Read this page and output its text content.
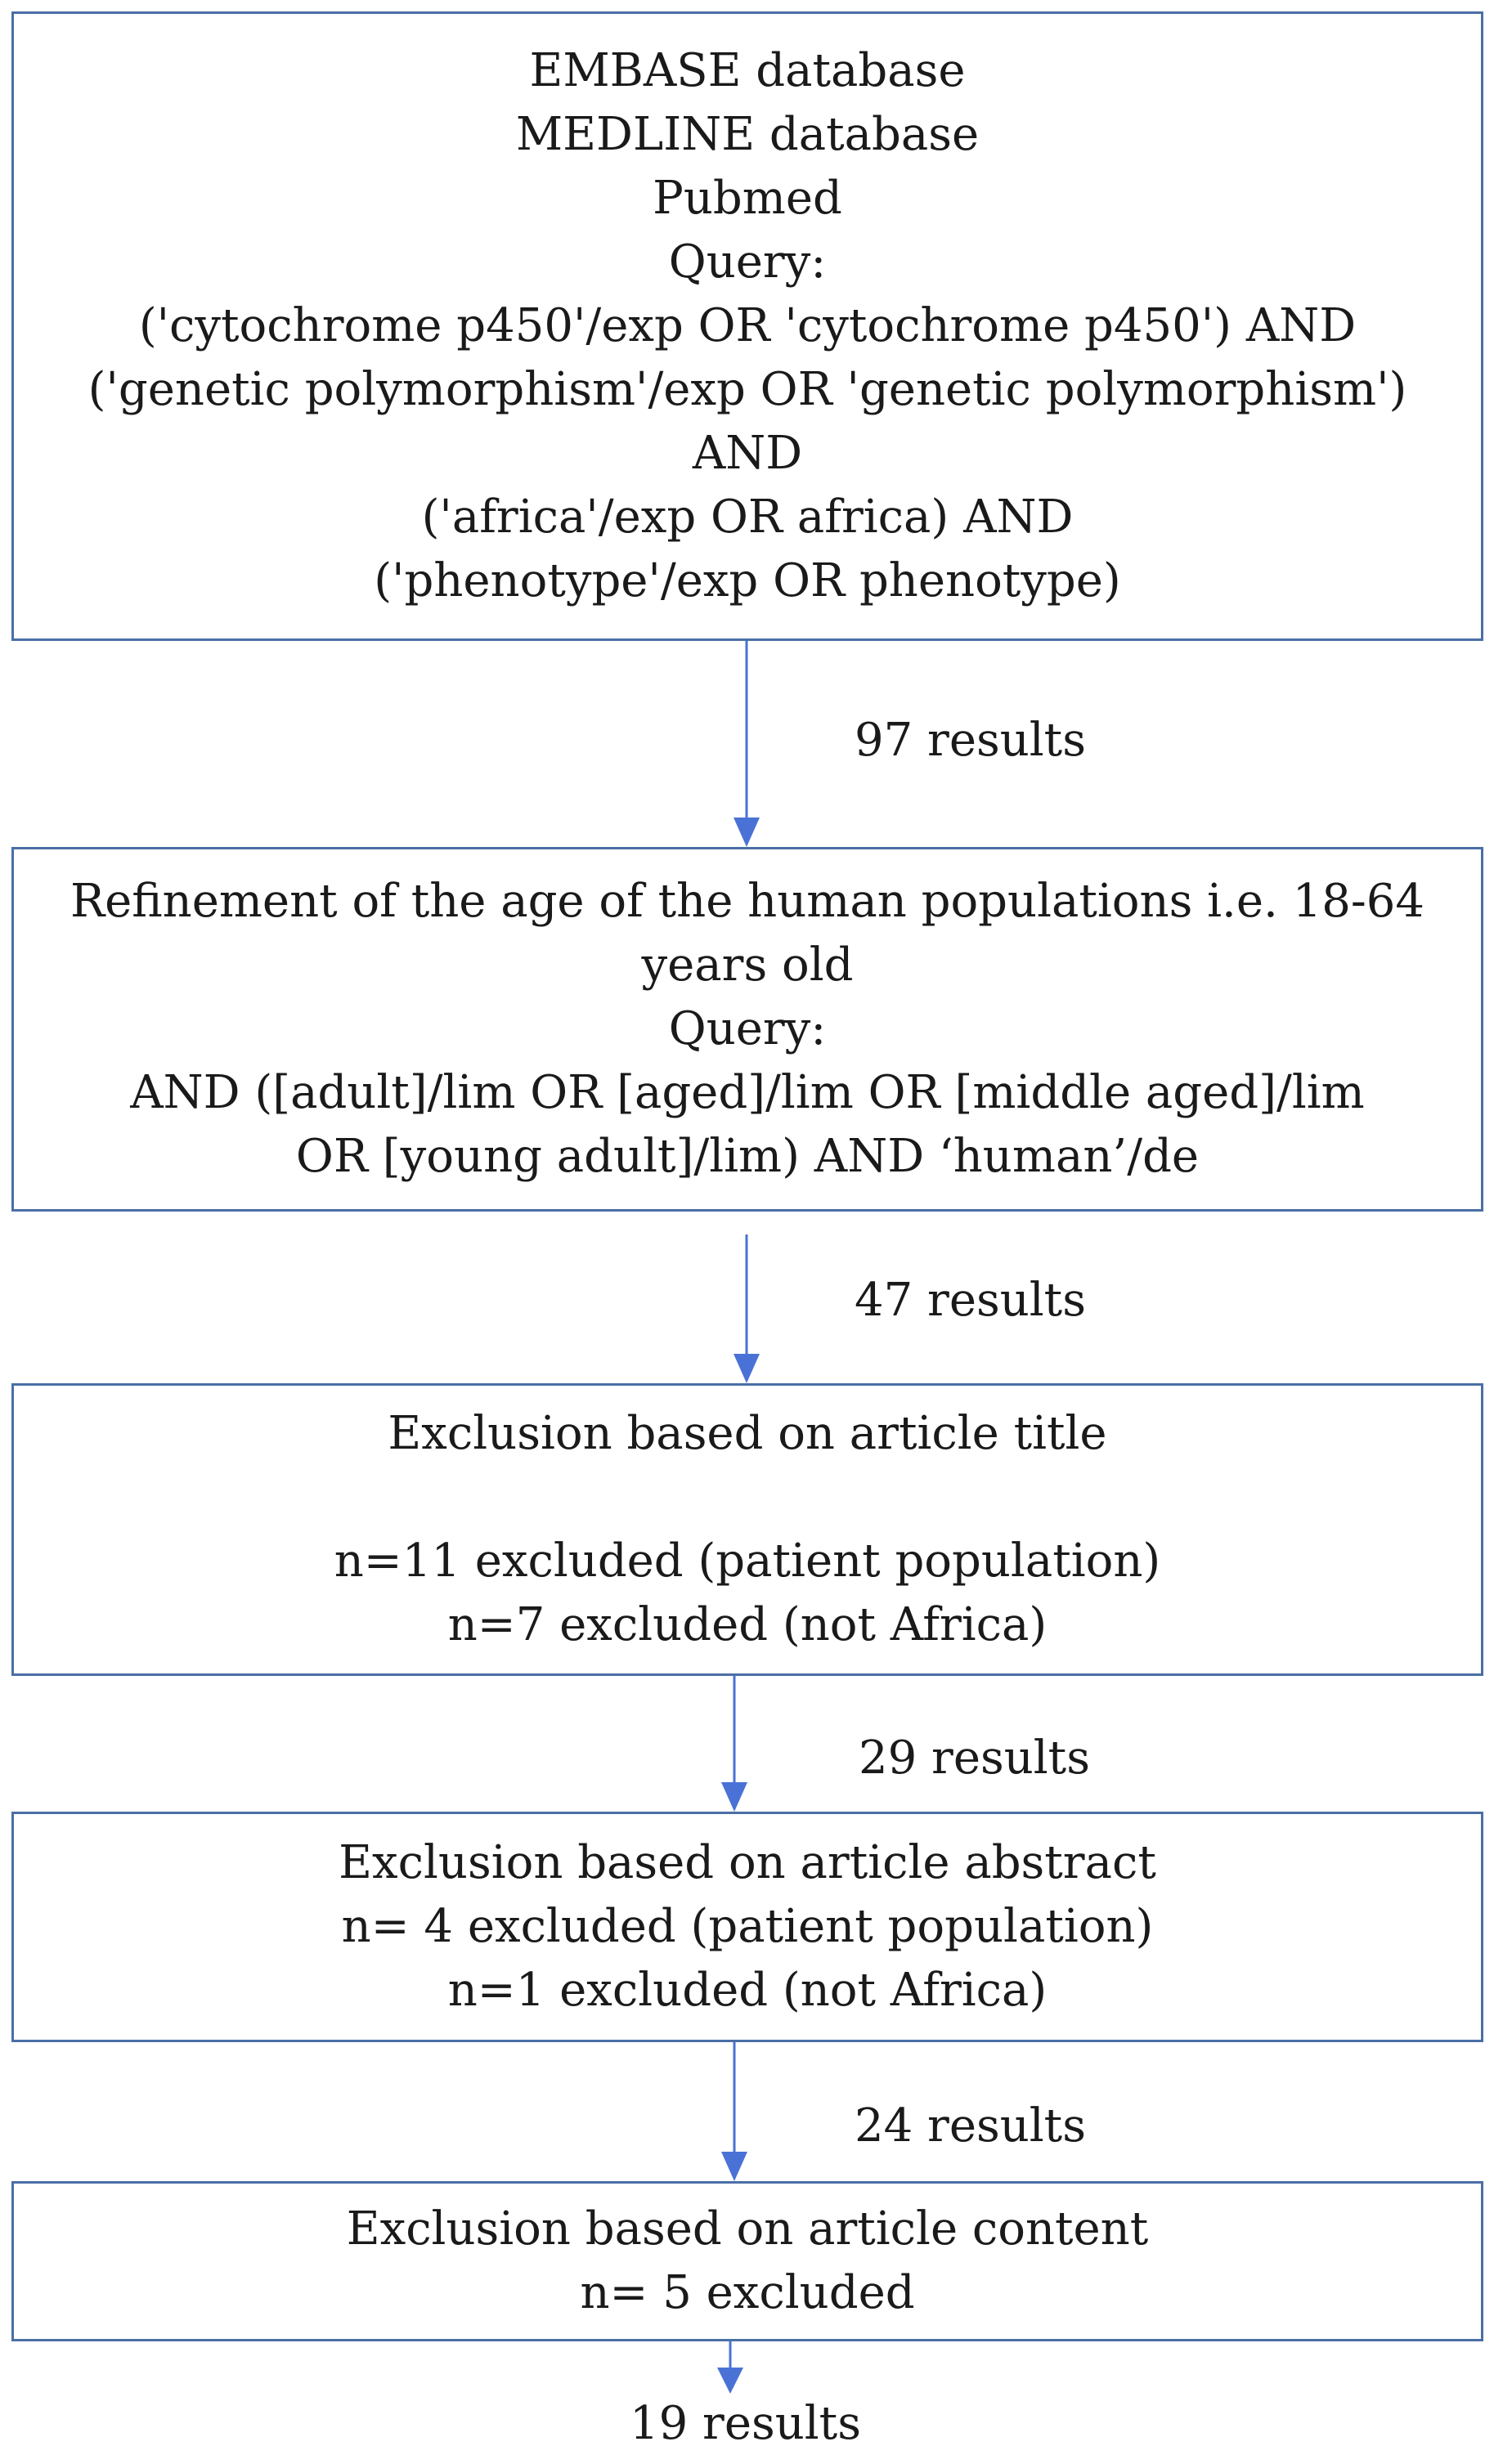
EMBASE database
MEDLINE database
Pubmed
Query:
('cytochrome p450'/exp OR 'cytochrome p450') AND
('genetic polymorphism'/exp OR 'genetic polymorphism')
AND
('africa'/exp OR africa) AND
('phenotype'/exp OR phenotype)
Refinement of the age of the human populations i.e. 18-64
years old
Query:
AND ([adult]/lim OR [aged]/lim OR [middle aged]/lim
OR [young adult]/lim) AND ‘human’/de
Exclusion based on article title
n=11 excluded (patient population)
n=7 excluded (not Africa)
Exclusion based on article abstract
n= 4 excluded (patient population)
n=1 excluded (not Africa)
Exclusion based on article content
n= 5 excluded
97 results
47 results
29 results
24 results
19 results
